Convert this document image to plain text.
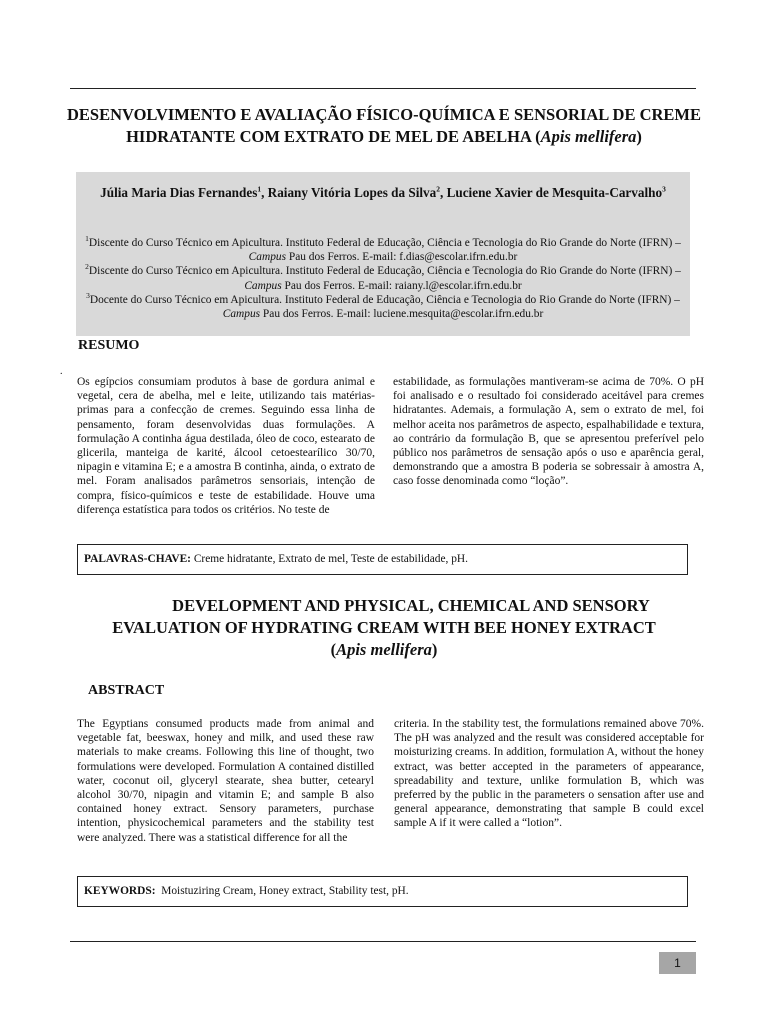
DESENVOLVIMENTO E AVALIAÇÃO FÍSICO-QUÍMICA E SENSORIAL DE CREME HIDRATANTE COM EXTRATO DE MEL DE ABELHA (Apis mellifera)
Júlia Maria Dias Fernandes$^1$, Raiany Vitória Lopes da Silva$^2$, Luciene Xavier de Mesquita-Carvalho$^3$
$^1$Discente do Curso Técnico em Apicultura. Instituto Federal de Educação, Ciência e Tecnologia do Rio Grande do Norte (IFRN) – Campus Pau dos Ferros. E-mail: f.dias@escolar.ifrn.edu.br
$^2$Discente do Curso Técnico em Apicultura. Instituto Federal de Educação, Ciência e Tecnologia do Rio Grande do Norte (IFRN) – Campus Pau dos Ferros. E-mail: raiany.l@escolar.ifrn.edu.br
$^3$Docente do Curso Técnico em Apicultura. Instituto Federal de Educação, Ciência e Tecnologia do Rio Grande do Norte (IFRN) – Campus Pau dos Ferros. E-mail: luciene.mesquita@escolar.ifrn.edu.br
RESUMO
.
Os egípcios consumiam produtos à base de gordura animal e vegetal, cera de abelha, mel e leite, utilizando tais matérias-primas para a confecção de cremes. Seguindo essa linha de pensamento, foram desenvolvidas duas formulações. A formulação A continha água destilada, óleo de coco, estearato de glicerila, manteiga de karité, álcool cetoestearílico 30/70, nipagin e vitamina E; e a amostra B continha, ainda, o extrato de mel. Foram analisados parâmetros sensoriais, intenção de compra, físico-químicos e teste de estabilidade. Houve uma diferença estatística para todos os critérios. No teste de
estabilidade, as formulações mantiveram-se acima de 70%. O pH foi analisado e o resultado foi considerado aceitável para cremes hidratantes. Ademais, a formulação A, sem o extrato de mel, foi melhor aceita nos parâmetros de aspecto, espalhabilidade e textura, ao contrário da formulação B, que se apresentou preferível pelo público nos parâmetros de sensação após o uso e aparência geral, demonstrando que a amostra B poderia se sobressair à amostra A, caso fosse denominada como “loção”.
PALAVRAS-CHAVE: Creme hidratante, Extrato de mel, Teste de estabilidade, pH.
DEVELOPMENT AND PHYSICAL, CHEMICAL AND SENSORY
EVALUATION OF HYDRATING CREAM WITH BEE HONEY EXTRACT
(Apis mellifera)
ABSTRACT
The Egyptians consumed products made from animal and vegetable fat, beeswax, honey and milk, and used these raw materials to make creams. Following this line of thought, two formulations were developed. Formulation A contained distilled water, coconut oil, glyceryl stearate, shea butter, cetearyl alcohol 30/70, nipagin and vitamin E; and sample B also contained honey extract. Sensory parameters, purchase intention, physicochemical parameters and the stability test were analyzed. There was a statistical difference for all the
criteria. In the stability test, the formulations remained above 70%. The pH was analyzed and the result was considered acceptable for moisturizing creams. In addition, formulation A, without the honey extract, was better accepted in the parameters of appearance, spreadability and texture, unlike formulation B, which was preferred by the public in the parameters o sensation after use and general appearance, demonstrating that sample B could excel sample A if it were called a “lotion”.
KEYWORDS:  Moistuziring Cream, Honey extract, Stability test, pH.
1
